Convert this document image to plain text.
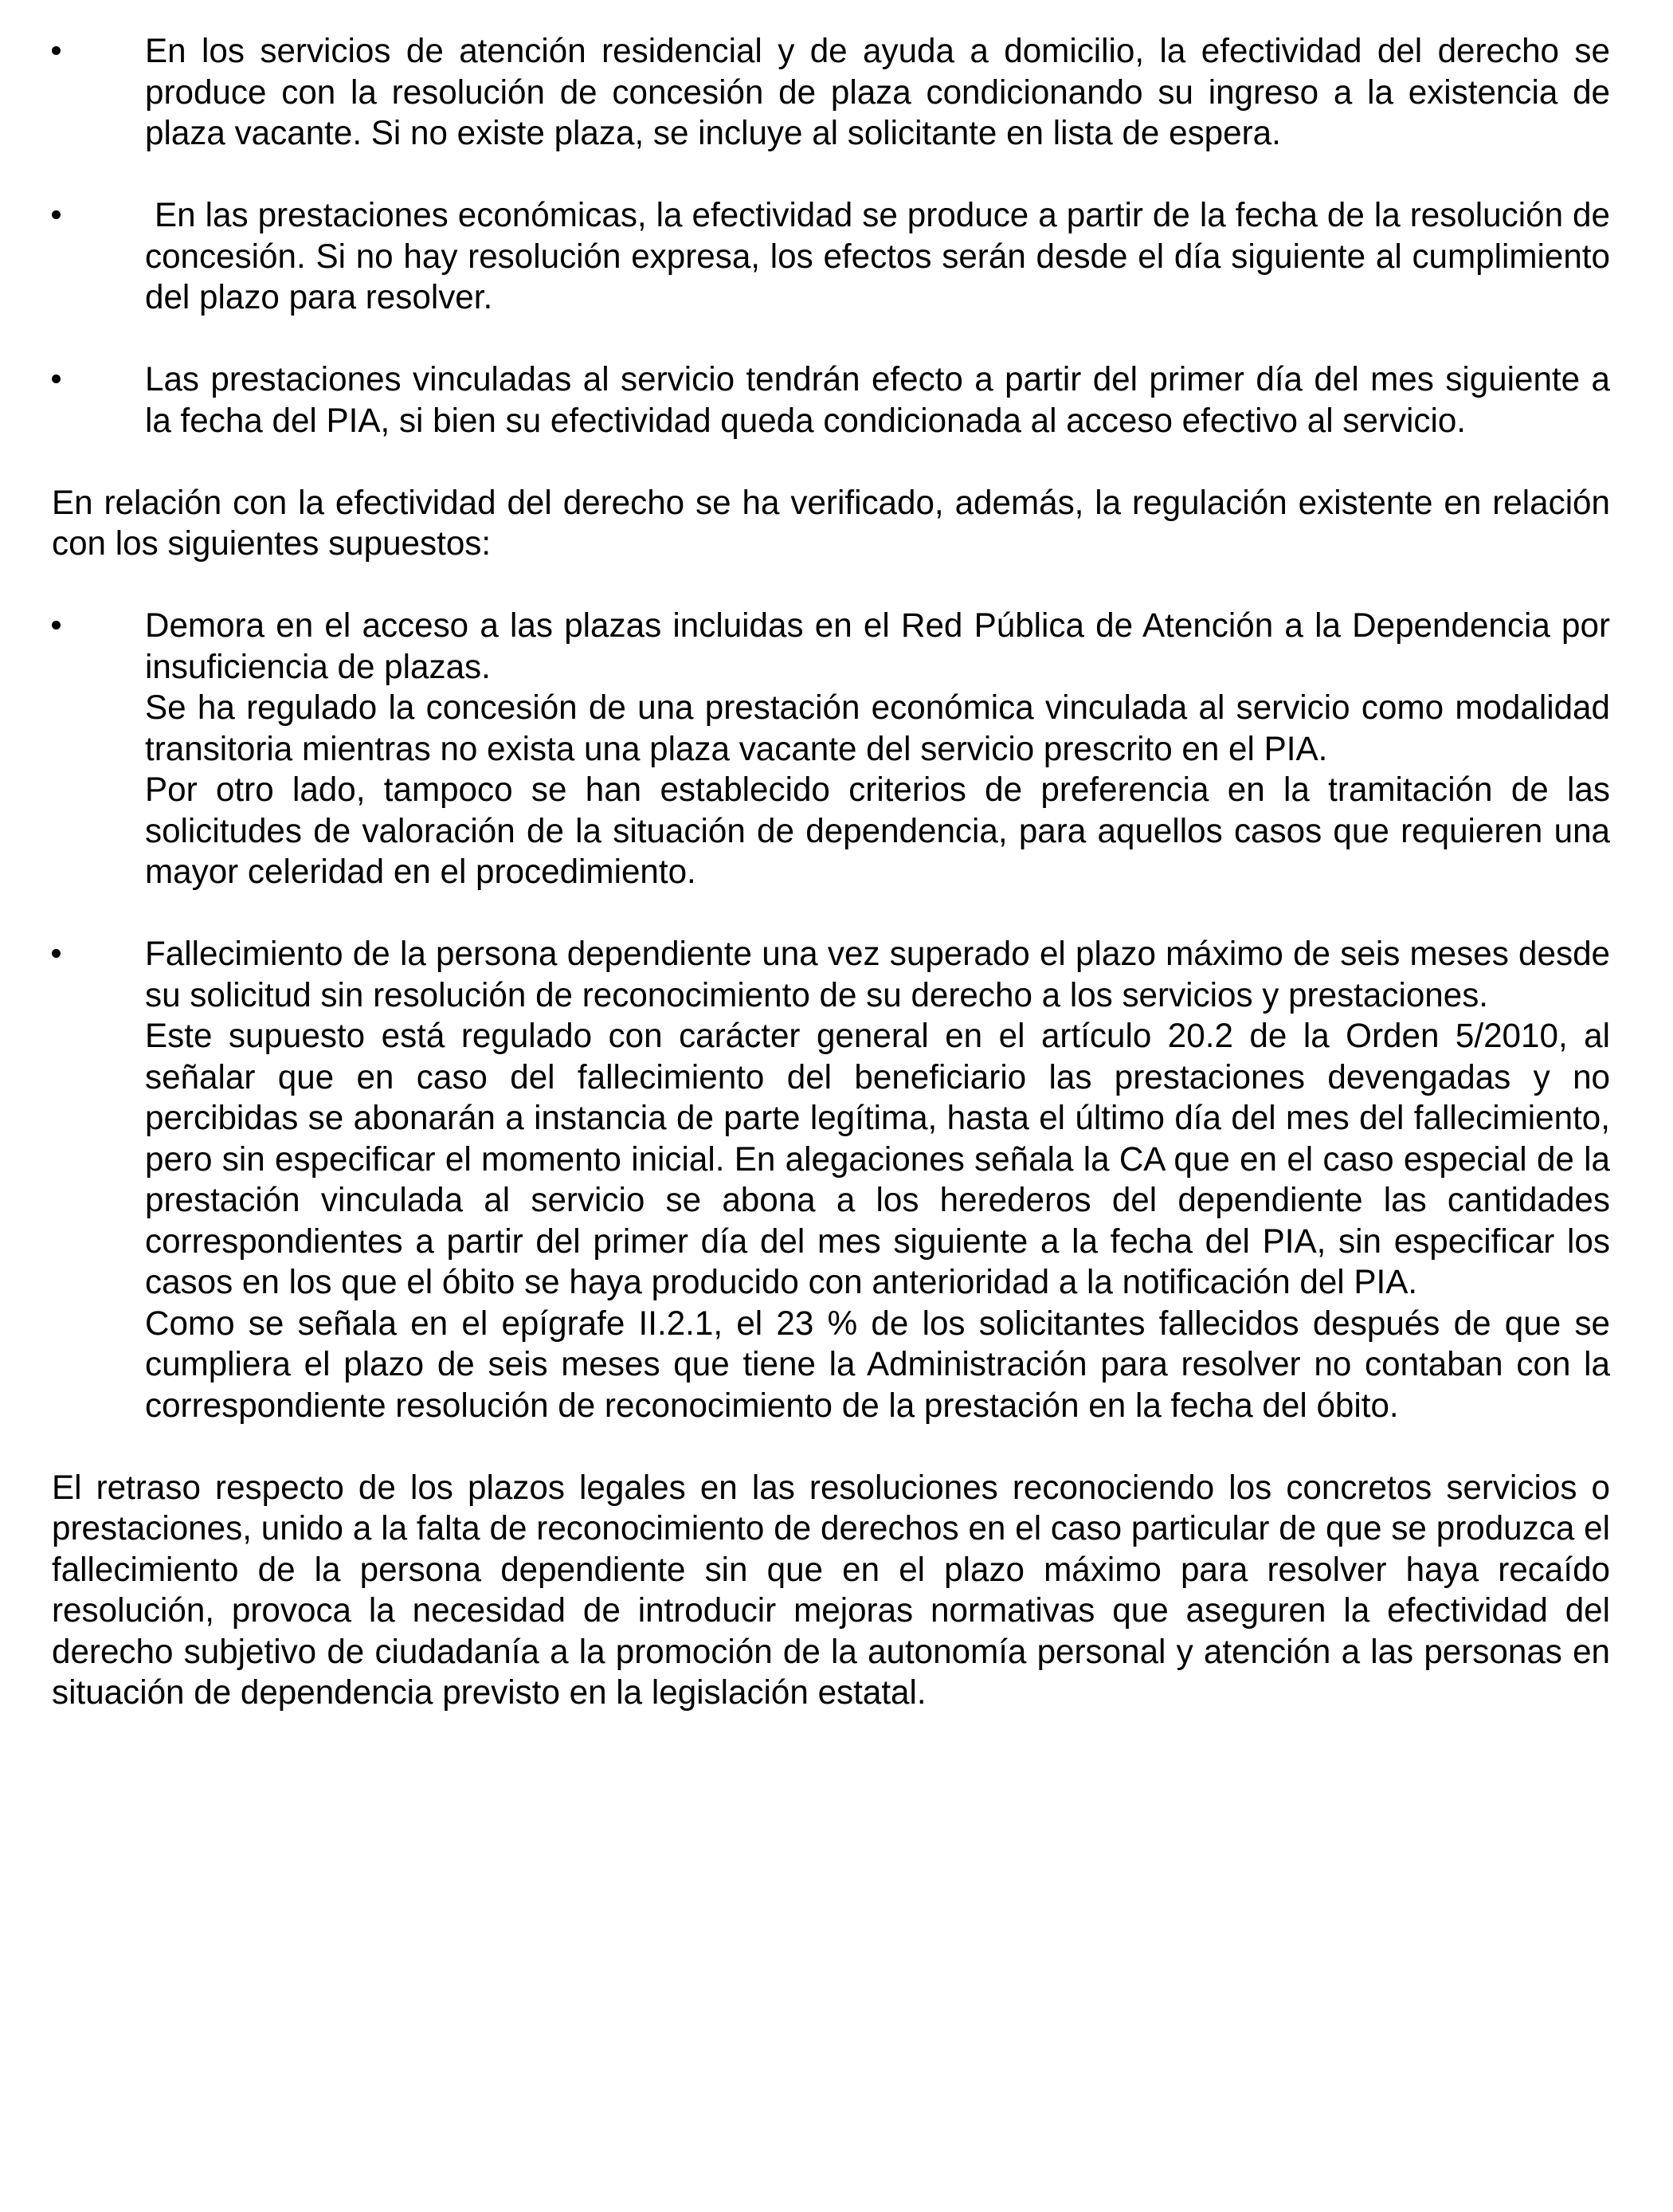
En los servicios de atención residencial y de ayuda a domicilio, la efectividad del derecho se produce con la resolución de concesión de plaza condicionando su ingreso a la existencia de plaza vacante. Si no existe plaza, se incluye al solicitante en lista de espera.

En las prestaciones económicas, la efectividad se produce a partir de la fecha de la resolución de concesión. Si no hay resolución expresa, los efectos serán desde el día siguiente al cumplimiento del plazo para resolver.

Las prestaciones vinculadas al servicio tendrán efecto a partir del primer día del mes siguiente a la fecha del PIA, si bien su efectividad queda condicionada al acceso efectivo al servicio.

En relación con la efectividad del derecho se ha verificado, además, la regulación existente en relación con los siguientes supuestos:

Demora en el acceso a las plazas incluidas en el Red Pública de Atención a la Dependencia por insuficiencia de plazas.

Se ha regulado la concesión de una prestación económica vinculada al servicio como modalidad transitoria mientras no exista una plaza vacante del servicio prescrito en el PIA.

Por otro lado, tampoco se han establecido criterios de preferencia en la tramitación de las solicitudes de valoración de la situación de dependencia, para aquellos casos que requieren una mayor celeridad en el procedimiento.

Fallecimiento de la persona dependiente una vez superado el plazo máximo de seis meses desde su solicitud sin resolución de reconocimiento de su derecho a los servicios y prestaciones.

Este supuesto está regulado con carácter general en el artículo 20.2 de la Orden 5/2010, al señalar que en caso del fallecimiento del beneficiario las prestaciones devengadas y no percibidas se abonarán a instancia de parte legítima, hasta el último día del mes del fallecimiento, pero sin especificar el momento inicial. En alegaciones señala la CA que en el caso especial de la prestación vinculada al servicio se abona a los herederos del dependiente las cantidades correspondientes a partir del primer día del mes siguiente a la fecha del PIA, sin especificar los casos en los que el óbito se haya producido con anterioridad a la notificación del PIA.

Como se señala en el epígrafe II.2.1, el 23 % de los solicitantes fallecidos después de que se cumpliera el plazo de seis meses que tiene la Administración para resolver no contaban con la correspondiente resolución de reconocimiento de la prestación en la fecha del óbito.

El retraso respecto de los plazos legales en las resoluciones reconociendo los concretos servicios o prestaciones, unido a la falta de reconocimiento de derechos en el caso particular de que se produzca el fallecimiento de la persona dependiente sin que en el plazo máximo para resolver haya recaído resolución, provoca la necesidad de introducir mejoras normativas que aseguren la efectividad del derecho subjetivo de ciudadanía a la promoción de la autonomía personal y atención a las personas en situación de dependencia previsto en la legislación estatal.
